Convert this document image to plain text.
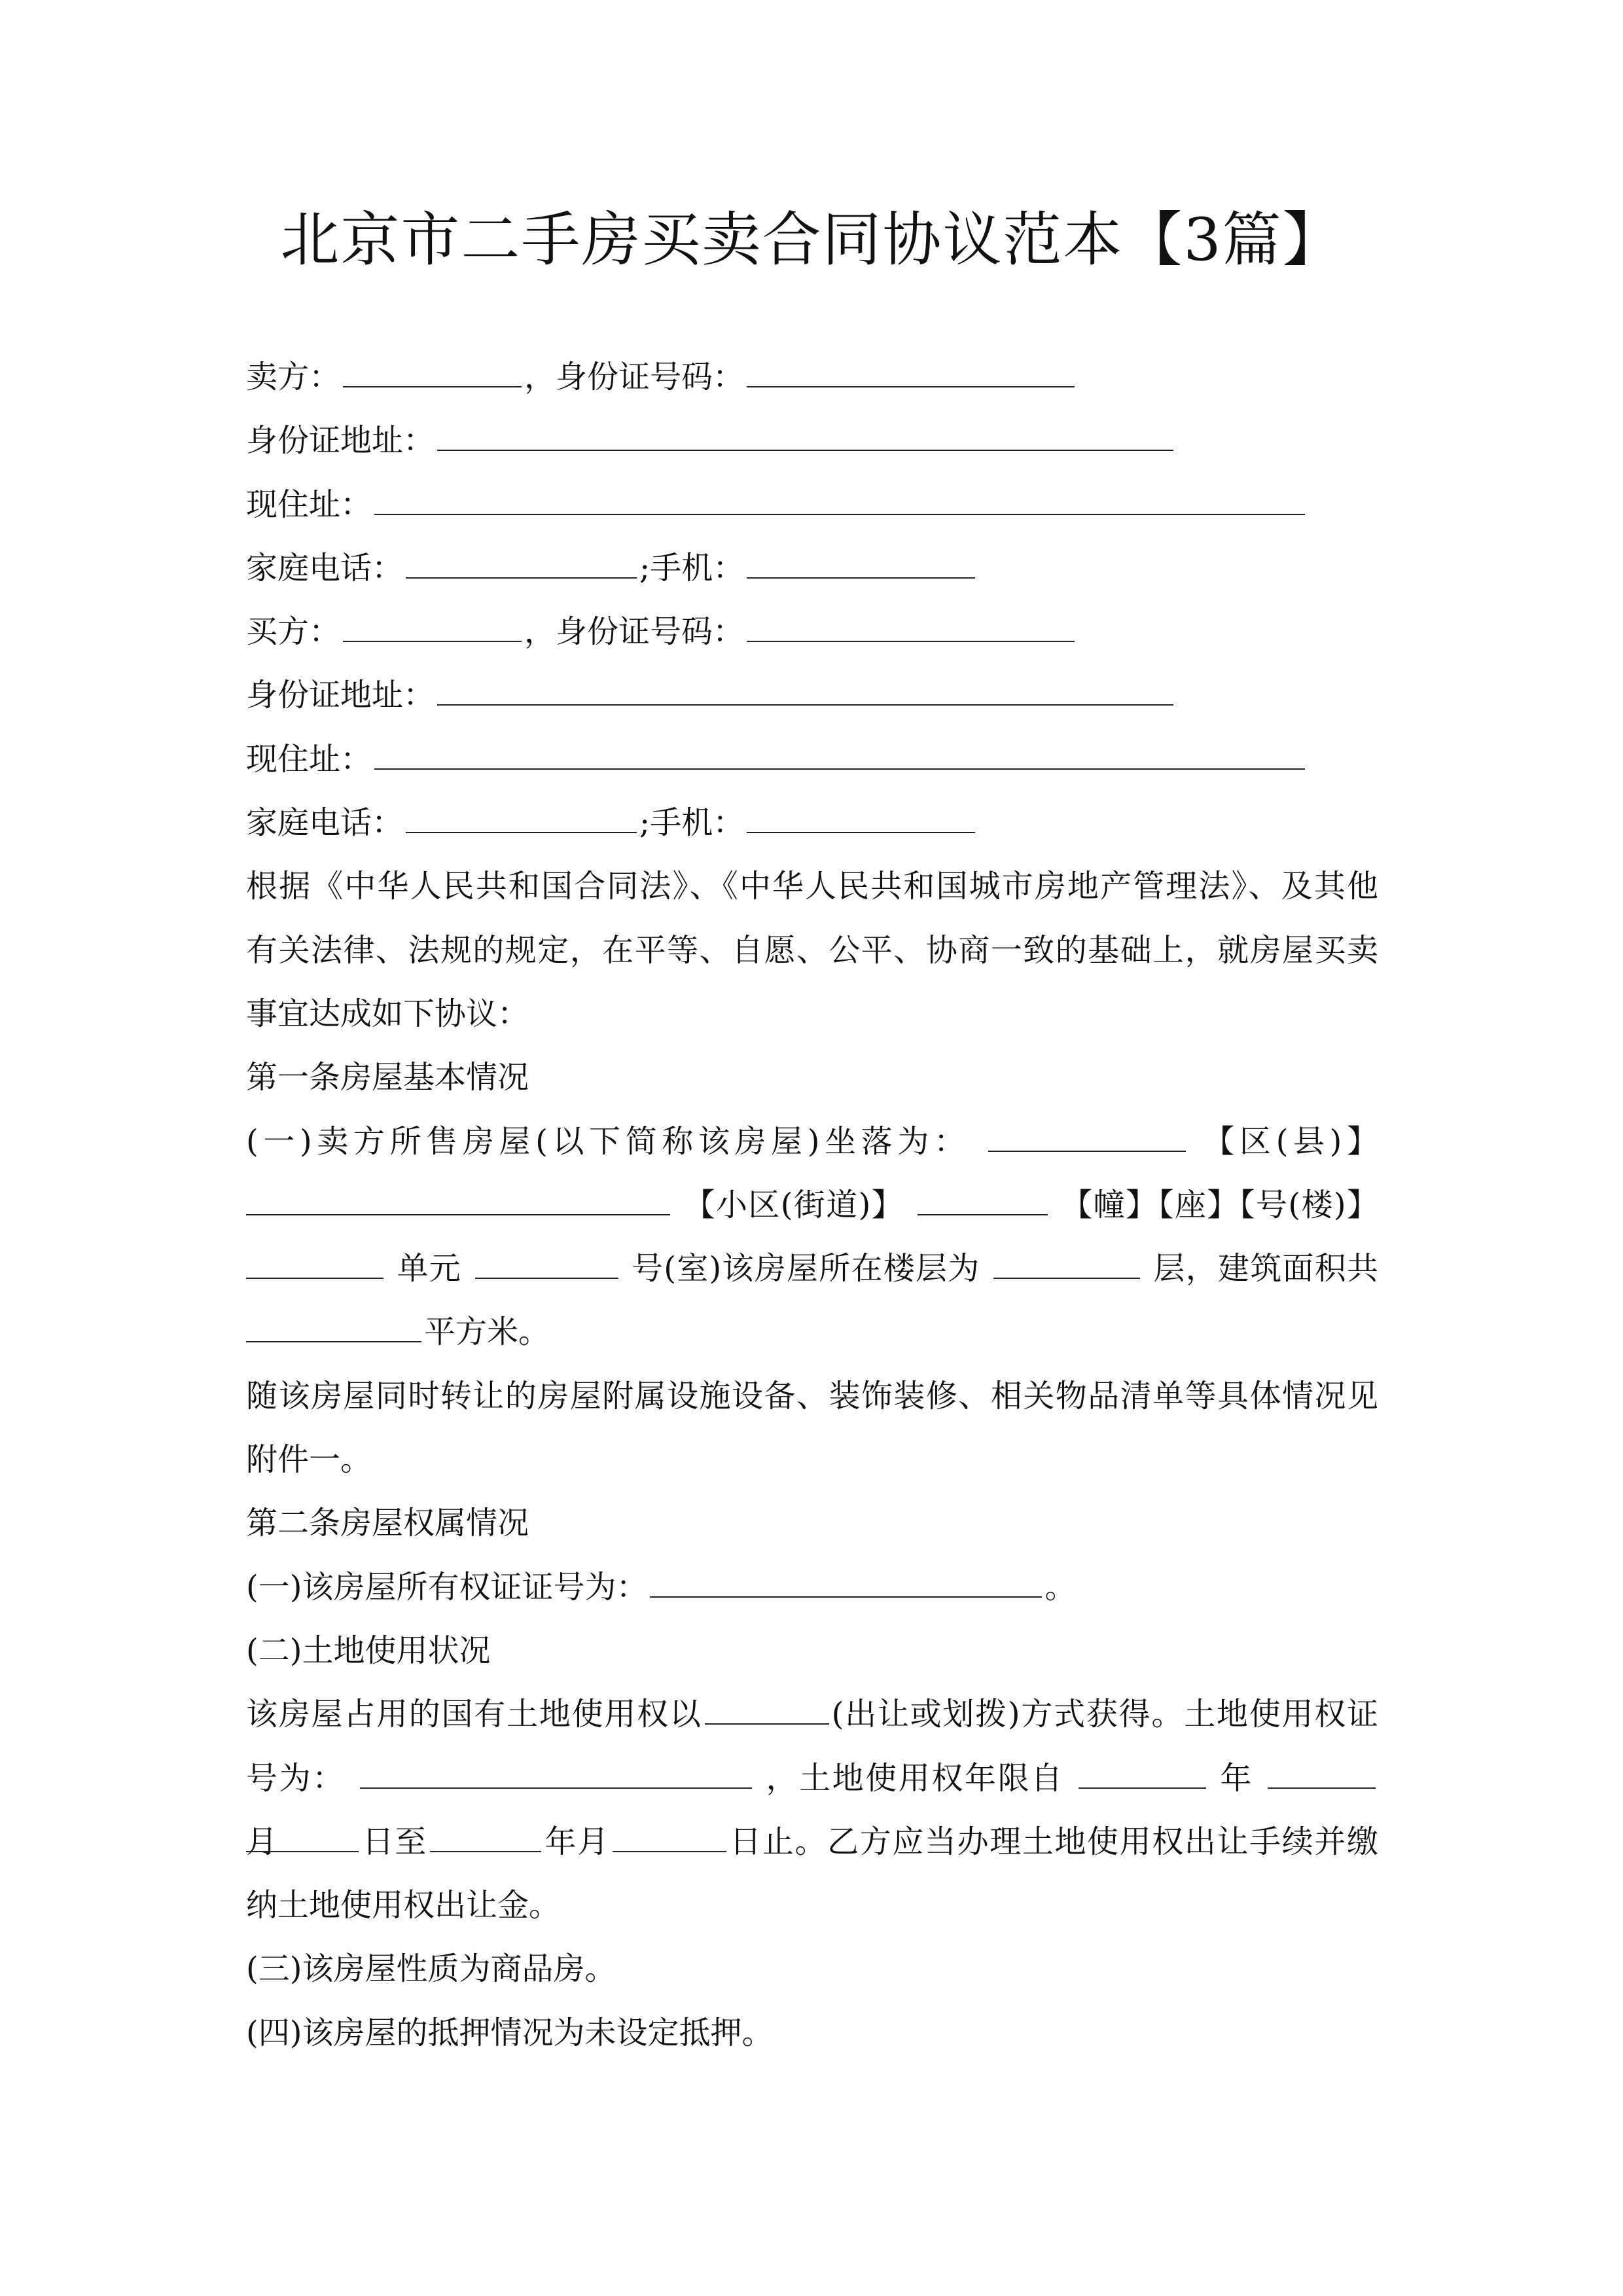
北京市二手房买卖合同协议范本【3篇】
卖方：	，身份证号码：
身份证地址：
现住址：
家庭电话：	;手机：
买方：	，身份证号码：
身份证地址：
现住址：
家庭电话：	;手机：
根据《中华人民共和国合同法》、《中华人民共和国城市房地产管理法》、及其他
有关法律、法规的规定，在平等、自愿、公平、协商一致的基础上，就房屋买卖
事宜达成如下协议：
第一条房屋基本情况
(一)卖方所售房屋(以下简称该房屋)坐落为：	【区(县)】
【小区(街道)】	【幢】【座】【号(楼)】
单元	号(室)该房屋所在楼层为	层，建筑面积共
平方米。
随该房屋同时转让的房屋附属设施设备、装饰装修、相关物品清单等具体情况见
附件一。
第二条房屋权属情况
(一)该房屋所有权证证号为：	。
(二)土地使用状况
该房屋占用的国有土地使用权以	(出让或划拨)方式获得。土地使用权证
号为：	，土地使用权年限自	年  月	日至	年月	日止。乙方应当办理土地使用权出让手续并缴
纳土地使用权出让金。
(三)该房屋性质为商品房。
(四)该房屋的抵押情况为未设定抵押。
